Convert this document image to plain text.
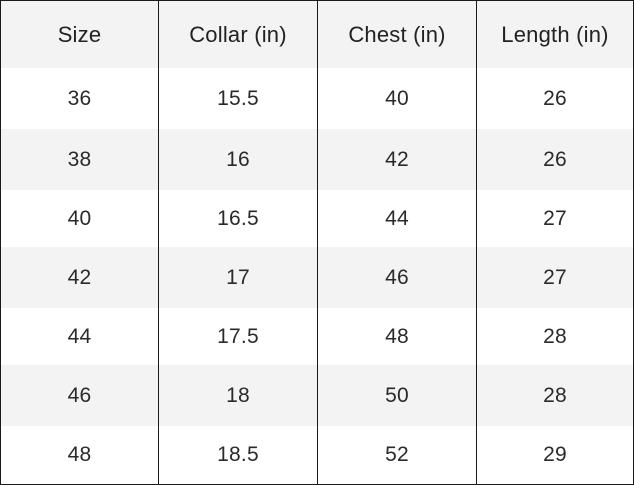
Size	Collar (in)	Chest (in)	Length (in)
36	15.5	40	26
38	16	42	26
40	16.5	44	27
42	17	46	27
44	17.5	48	28
46	18	50	28
48	18.5	52	29
